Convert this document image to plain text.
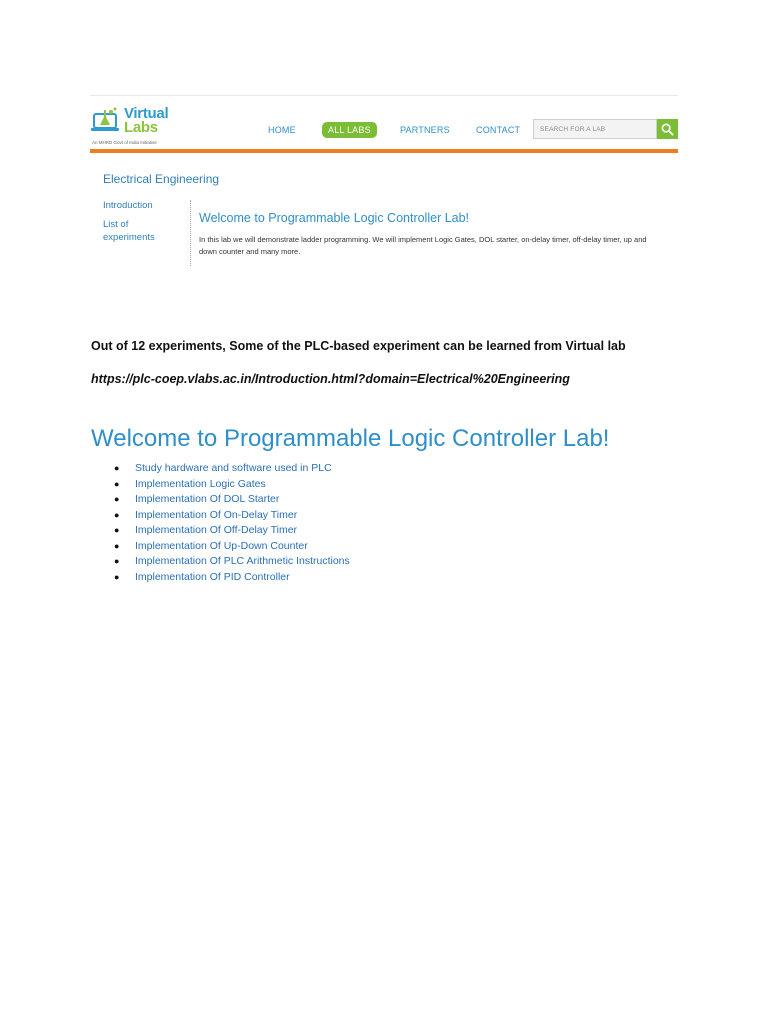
Virtual
Labs
An MHRD Govt of India Initiative
HOME	ALL LABS	PARTNERS	CONTACT
SEARCH FOR A LAB
Electrical Engineering
Introduction
List of experiments
Welcome to Programmable Logic Controller Lab!
In this lab we will demonstrate ladder programming. We will implement Logic Gates, DOL starter, on-delay timer, off-delay timer, up and down counter and many more.
Out of 12 experiments, Some of the PLC-based experiment can be learned from Virtual lab
https://plc-coep.vlabs.ac.in/Introduction.html?domain=Electrical%20Engineering
Welcome to Programmable Logic Controller Lab!
● Study hardware and software used in PLC
● Implementation Logic Gates
● Implementation Of DOL Starter
● Implementation Of On-Delay Timer
● Implementation Of Off-Delay Timer
● Implementation Of Up-Down Counter
● Implementation Of PLC Arithmetic Instructions
● Implementation Of PID Controller
